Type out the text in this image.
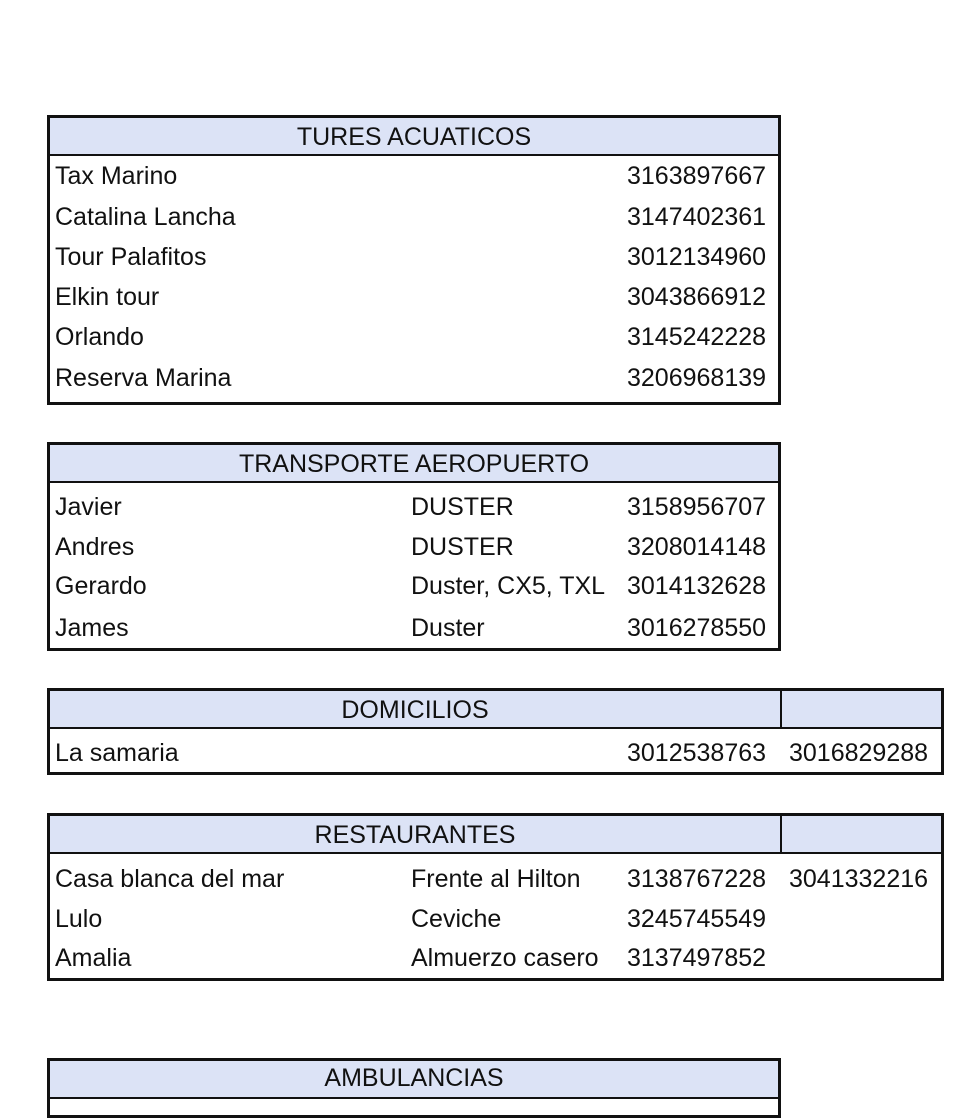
TURES ACUATICOS
Tax Marino	3163897667
Catalina Lancha	3147402361
Tour Palafitos	3012134960
Elkin tour	3043866912
Orlando	3145242228
Reserva Marina	3206968139
TRANSPORTE AEROPUERTO
Javier	DUSTER	3158956707
Andres	DUSTER	3208014148
Gerardo	Duster, CX5, TXL 3014132628
James	Duster	3016278550
DOMICILIOS
La samaria	3012538763 3016829288
RESTAURANTES
Casa blanca del mar	Frente al Hilton 3138767228 3041332216
Lulo	Ceviche	3245745549
Amalia	Almuerzo casero 3137497852
AMBULANCIAS
